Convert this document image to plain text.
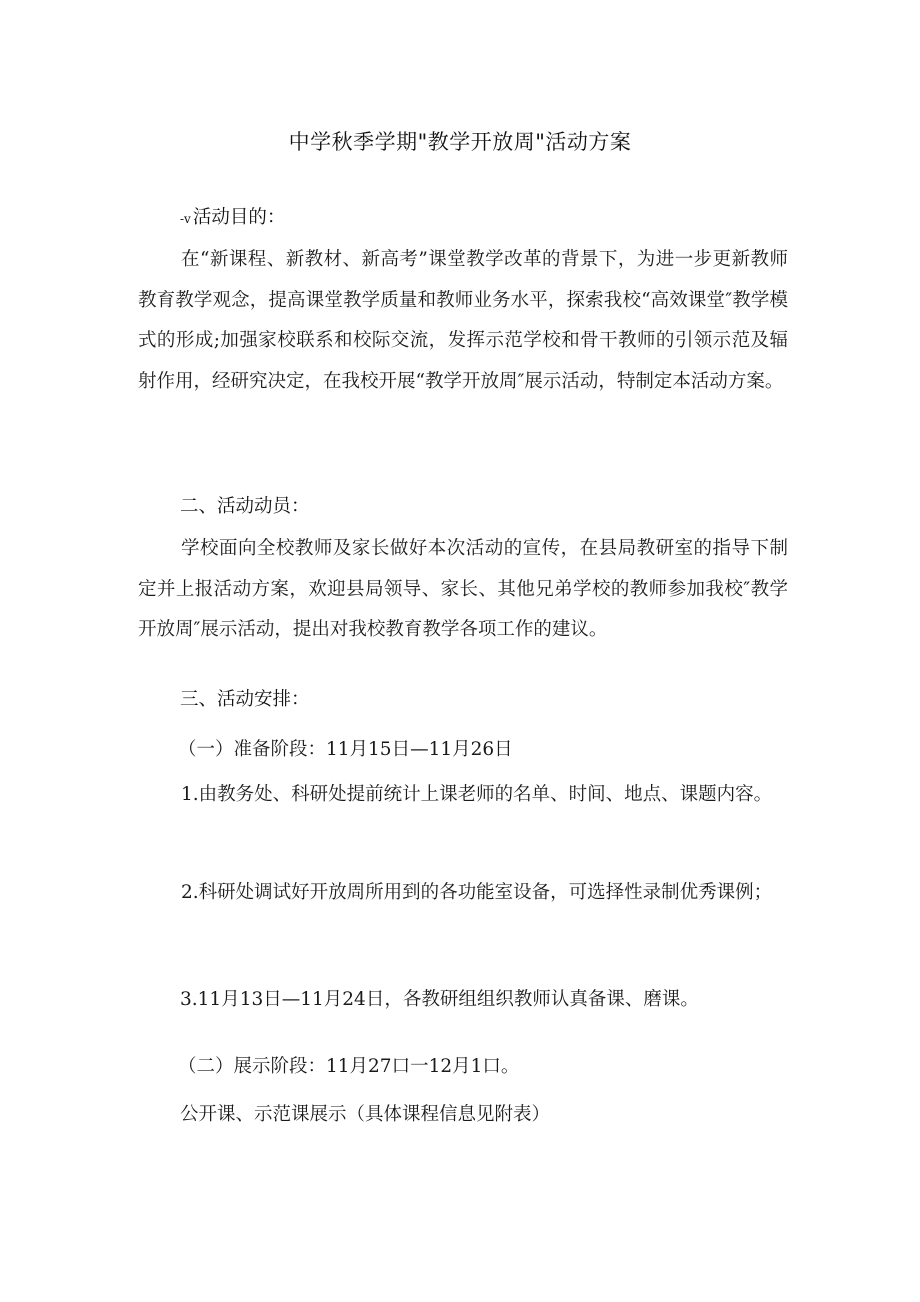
中学秋季学期"教学开放周"活动方案
-v 活动目的：

在“新课程、新教材、新高考”课堂教学改革的背景下，为进一步更新教师教育教学观念，提高课堂教学质量和教师业务水平，探索我校“高效课堂″教学模式的形成;加强家校联系和校际交流，发挥示范学校和骨干教师的引领示范及辐射作用，经研究决定，在我校开展“教学开放周″展示活动，特制定本活动方案。

二、活动动员：

学校面向全校教师及家长做好本次活动的宣传，在县局教研室的指导下制定并上报活动方案，欢迎县局领导、家长、其他兄弟学校的教师参加我校″教学开放周″展示活动，提出对我校教育教学各项工作的建议。

三、活动安排：
（一）准备阶段：11月15日—11月26日

1.由教务处、科研处提前统计上课老师的名单、时间、地点、课题内容。

2.科研处调试好开放周所用到的各功能室设备，可选择性录制优秀课例；

3.11月13日—11月24日，各教研组组织教师认真备课、磨课。
（二）展示阶段：11月27口一12月1口。
公开课、示范课展示（具体课程信息见附表）
